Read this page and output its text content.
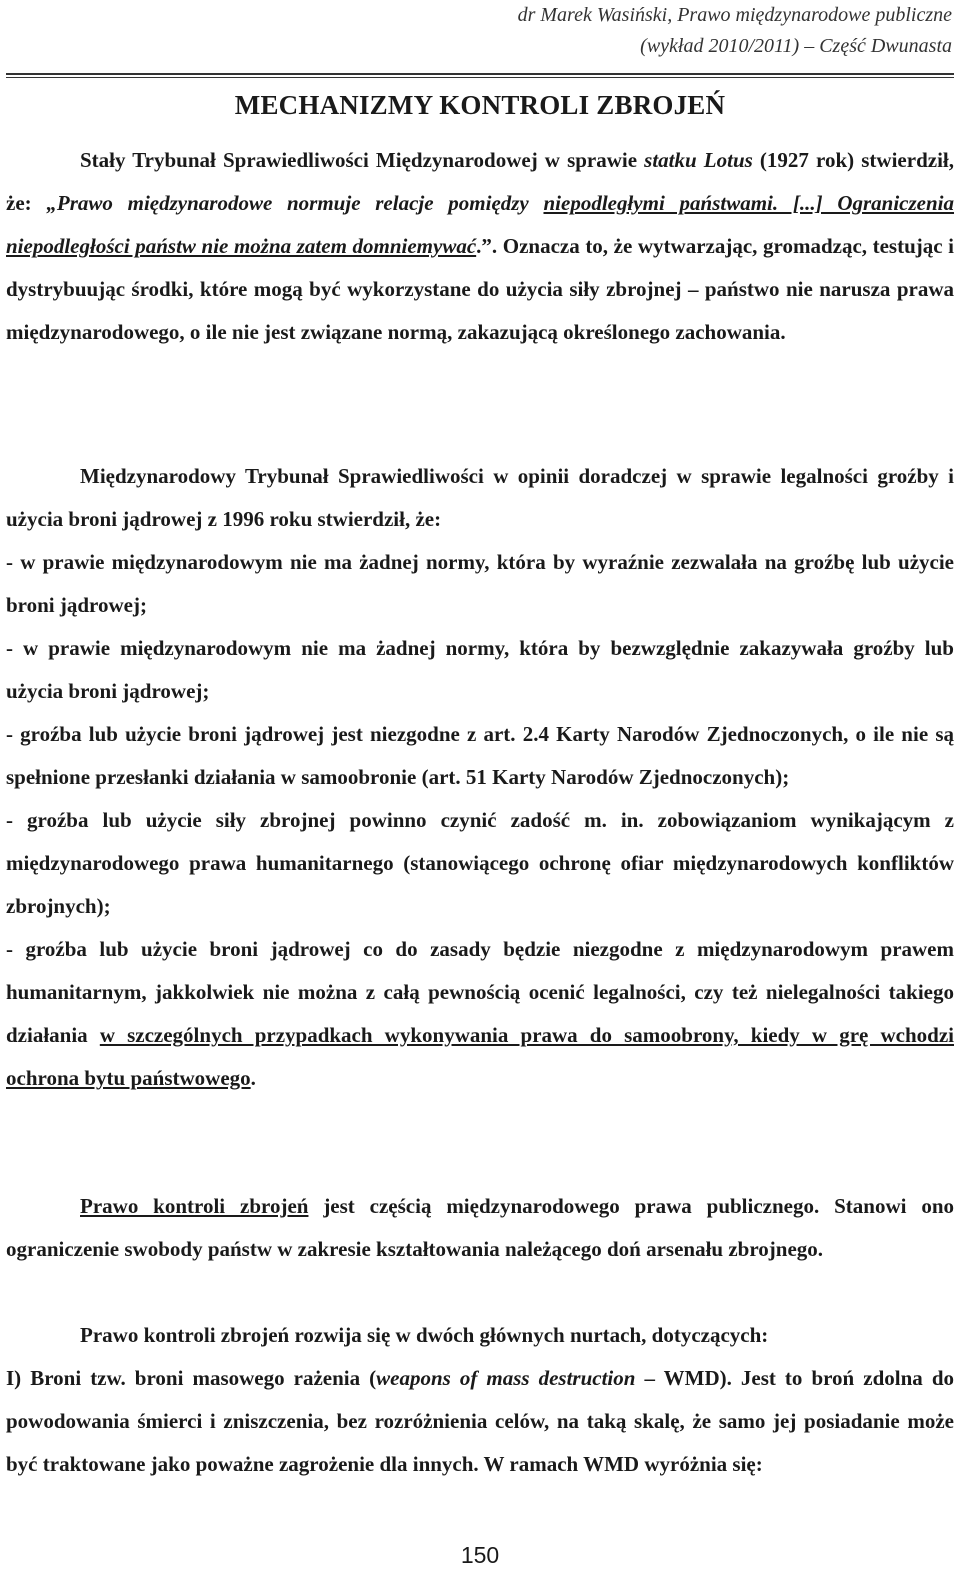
dr Marek Wasiński, Prawo międzynarodowe publiczne
(wykład 2010/2011) – Część Dwunasta
MECHANIZMY KONTROLI ZBROJEŃ

Stały Trybunał Sprawiedliwości Międzynarodowej w sprawie statku Lotus (1927 rok) stwierdził, że: „Prawo międzynarodowe normuje relacje pomiędzy niepodległymi państwami. [...] Ograniczenia niepodległości państw nie można zatem domniemywać.”. Oznacza to, że wytwarzając, gromadząc, testując i dystrybuując środki, które mogą być wykorzystane do użycia siły zbrojnej – państwo nie narusza prawa międzynarodowego, o ile nie jest związane normą, zakazującą określonego zachowania.

Międzynarodowy Trybunał Sprawiedliwości w opinii doradczej w sprawie legalności groźby i użycia broni jądrowej z 1996 roku stwierdził, że:

- w prawie międzynarodowym nie ma żadnej normy, która by wyraźnie zezwalała na groźbę lub użycie broni jądrowej;

- w prawie międzynarodowym nie ma żadnej normy, która by bezwzględnie zakazywała groźby lub użycia broni jądrowej;

- groźba lub użycie broni jądrowej jest niezgodne z art. 2.4 Karty Narodów Zjednoczonych, o ile nie są spełnione przesłanki działania w samoobronie (art. 51 Karty Narodów Zjednoczonych);

- groźba lub użycie siły zbrojnej powinno czynić zadość m. in. zobowiązaniom wynikającym z międzynarodowego prawa humanitarnego (stanowiącego ochronę ofiar międzynarodowych konfliktów zbrojnych);

- groźba lub użycie broni jądrowej co do zasady będzie niezgodne z międzynarodowym prawem humanitarnym, jakkolwiek nie można z całą pewnością ocenić legalności, czy też nielegalności takiego działania w szczególnych przypadkach wykonywania prawa do samoobrony, kiedy w grę wchodzi ochrona bytu państwowego.

Prawo kontroli zbrojeń jest częścią międzynarodowego prawa publicznego. Stanowi ono ograniczenie swobody państw w zakresie kształtowania należącego doń arsenału zbrojnego.

Prawo kontroli zbrojeń rozwija się w dwóch głównych nurtach, dotyczących:

I) Broni tzw. broni masowego rażenia (weapons of mass destruction – WMD). Jest to broń zdolna do powodowania śmierci i zniszczenia, bez rozróżnienia celów, na taką skalę, że samo jej posiadanie może być traktowane jako poważne zagrożenie dla innych. W ramach WMD wyróżnia się:

150
